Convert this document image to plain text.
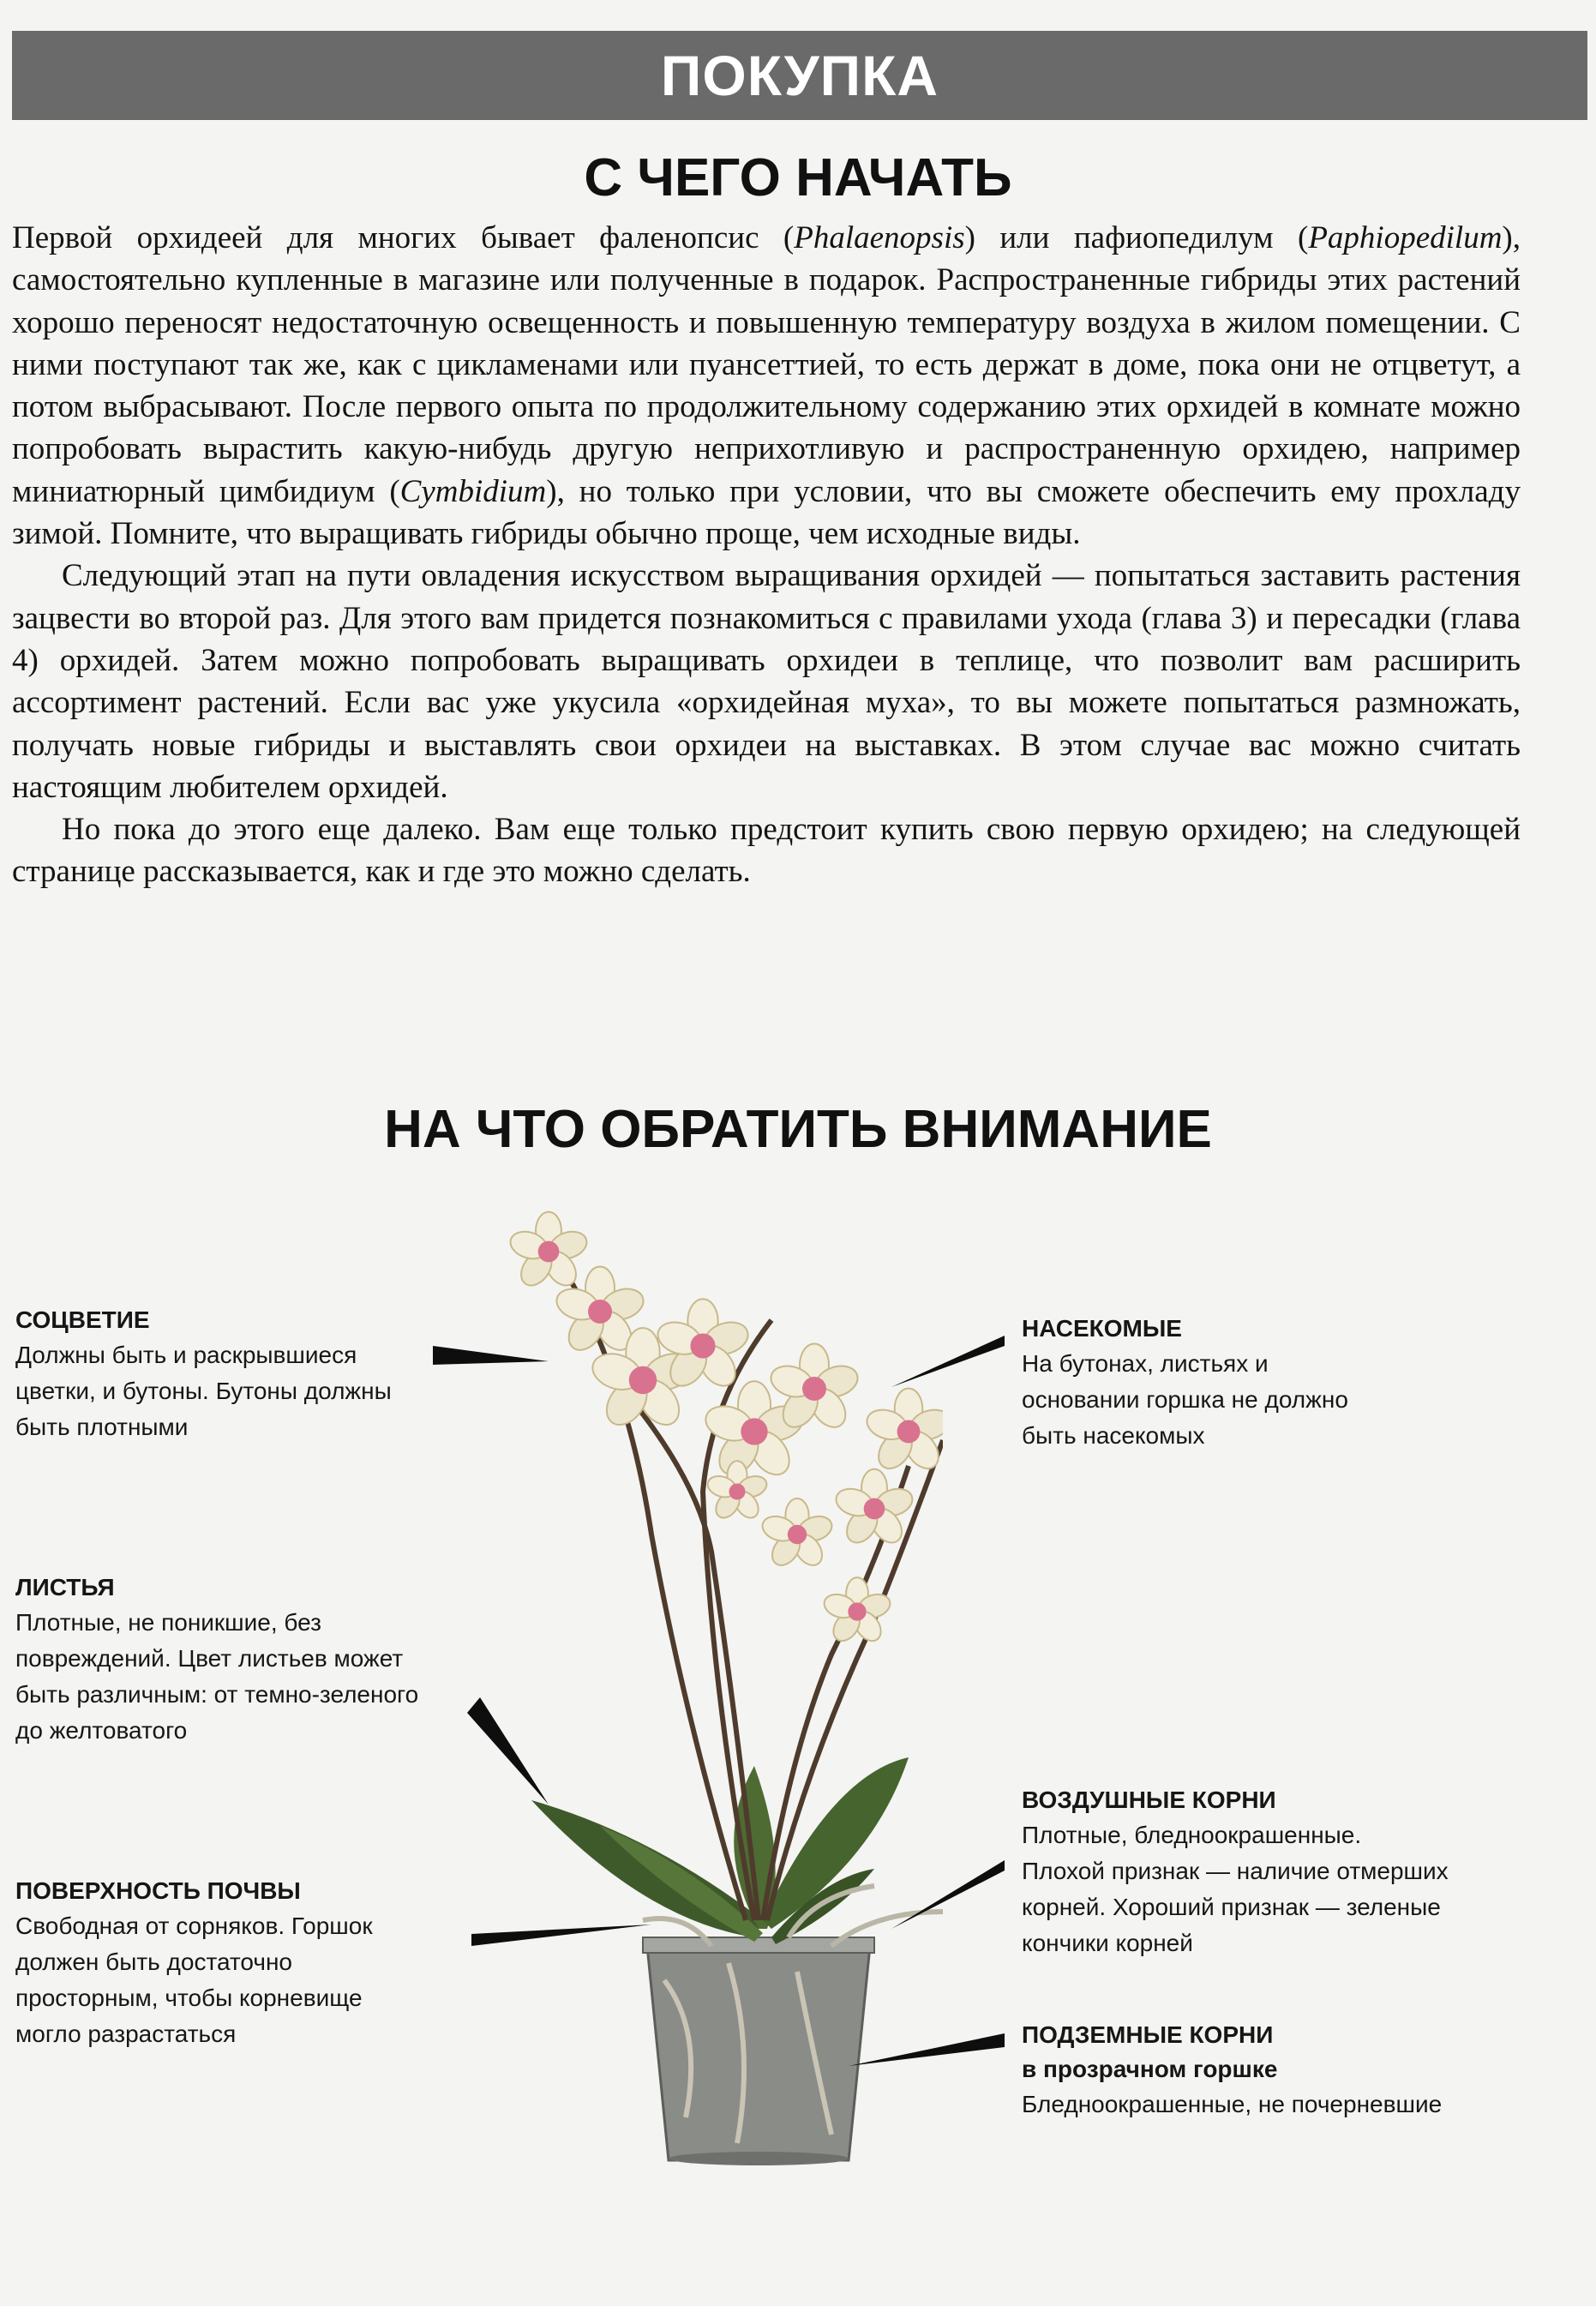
ПОКУПКА
С ЧЕГО НАЧАТЬ

Первой орхидеей для многих бывает фаленопсис (Phalaenopsis) или пафиопедилум (Paphiopedilum), самостоятельно купленные в магазине или полученные в подарок. Распространенные гибриды этих растений хорошо переносят недостаточную освещенность и повышенную температуру воздуха в жилом помещении. С ними поступают так же, как с цикламенами или пуансеттией, то есть держат в доме, пока они не отцветут, а потом выбрасывают. После первого опыта по продолжительному содержанию этих орхидей в комнате можно попробовать вырастить какую-нибудь другую неприхотливую и распространенную орхидею, например миниатюрный цимбидиум (Cymbidium), но только при условии, что вы сможете обеспечить ему прохладу зимой. Помните, что выращивать гибриды обычно проще, чем исходные виды.

Следующий этап на пути овладения искусством выращивания орхидей — попытаться заставить растения зацвести во второй раз. Для этого вам придется познакомиться с правилами ухода (глава 3) и пересадки (глава 4) орхидей. Затем можно попробовать выращивать орхидеи в теплице, что позволит вам расширить ассортимент растений. Если вас уже укусила «орхидейная муха», то вы можете попытаться размножать, получать новые гибриды и выставлять свои орхидеи на выставках. В этом случае вас можно считать настоящим любителем орхидей.

Но пока до этого еще далеко. Вам еще только предстоит купить свою первую орхидею; на следующей странице рассказывается, как и где это можно сделать.

НА ЧТО ОБРАТИТЬ ВНИМАНИЕ
СОЦВЕТИЕ
Должны быть и раскрывшиеся
цветки, и бутоны. Бутоны должны
быть плотными
ЛИСТЬЯ
Плотные, не поникшие, без
повреждений. Цвет листьев может
быть различным: от темно-зеленого
до желтоватого
ПОВЕРХНОСТЬ ПОЧВЫ
Свободная от сорняков. Горшок
должен быть достаточно
просторным, чтобы корневище
могло разрастаться
НАСЕКОМЫЕ
На бутонах, листьях и
основании горшка не должно
быть насекомых
ВОЗДУШНЫЕ КОРНИ
Плотные, бледноокрашенные.
Плохой признак — наличие отмерших
корней. Хороший признак — зеленые
кончики корней
ПОДЗЕМНЫЕ КОРНИ
в прозрачном горшке
Бледноокрашенные, не почерневшие
